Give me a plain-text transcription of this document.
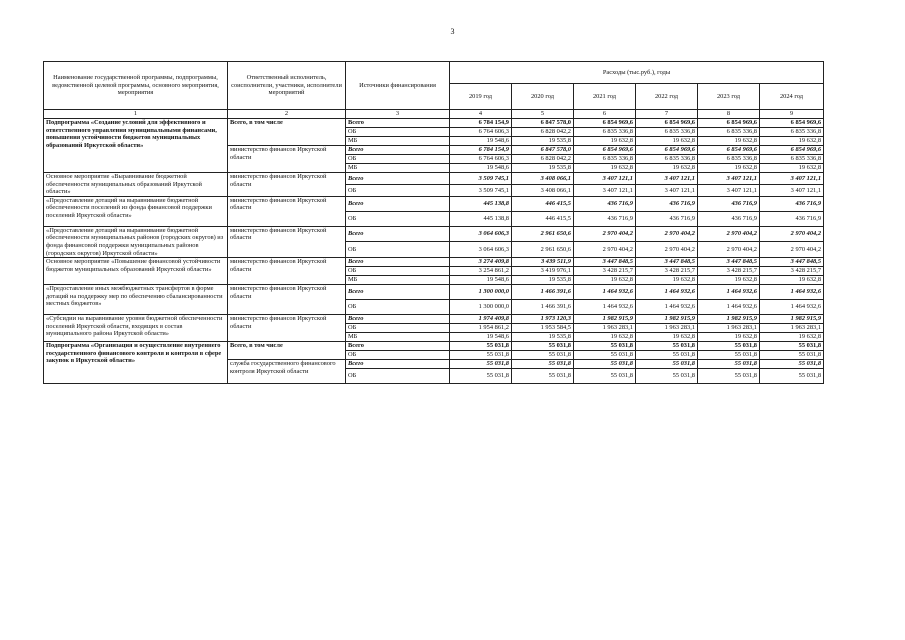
3
Наименование государственной программы, подпрограммы, ведомственной целевой программы, основного мероприятия, мероприятия	Ответственный исполнитель, соисполнители, участники, исполнители мероприятий	Источники финансирования	Расходы (тыс.руб.), годы					
			2019 год	2020 год	2021 год	2022 год	2023 год	2024 год
1	2	3	4	5	6	7	8	9
Подпрограмма «Создание условий для эффективного и ответственного управления муниципальными финансами, повышения устойчивости бюджетов муниципальных образований Иркутской области»	Всего, в том числе	Всего	6 784 154,9	6 847 578,0	6 854 969,6	6 854 969,6	6 854 969,6	6 854 969,6
		ОБ	6 764 606,3	6 828 042,2	6 835 336,8	6 835 336,8	6 835 336,8	6 835 336,8
		МБ	19 548,6	19 535,8	19 632,8	19 632,8	19 632,8	19 632,8
	министерство финансов Иркутской области	Всего	6 784 154,9	6 847 578,0	6 854 969,6	6 854 969,6	6 854 969,6	6 854 969,6
		ОБ	6 764 606,3	6 828 042,2	6 835 336,8	6 835 336,8	6 835 336,8	6 835 336,8
		МБ	19 548,6	19 535,8	19 632,8	19 632,8	19 632,8	19 632,8
Основное мероприятие «Выравнивание бюджетной обеспеченности муниципальных образований Иркутской области»	министерство финансов Иркутской области	Всего	3 509 745,1	3 408 066,1	3 407 121,1	3 407 121,1	3 407 121,1	3 407 121,1
		ОБ	3 509 745,1	3 408 066,1	3 407 121,1	3 407 121,1	3 407 121,1	3 407 121,1
«Предоставление дотаций на выравнивание бюджетной обеспеченности поселений из фонда финансовой поддержки поселений Иркутской области»	министерство финансов Иркутской области	Всего	445 138,8	446 415,5	436 716,9	436 716,9	436 716,9	436 716,9
		ОБ	445 138,8	446 415,5	436 716,9	436 716,9	436 716,9	436 716,9
«Предоставление дотаций на выравнивание бюджетной обеспеченности муниципальных районов (городских округов) из фонда финансовой поддержки муниципальных районов (городских округов) Иркутской области»	министерство финансов Иркутской области	Всего	3 064 606,3	2 961 650,6	2 970 404,2	2 970 404,2	2 970 404,2	2 970 404,2
		ОБ	3 064 606,3	2 961 650,6	2 970 404,2	2 970 404,2	2 970 404,2	2 970 404,2
Основное мероприятие «Повышение финансовой устойчивости бюджетов муниципальных образований Иркутской области»	министерство финансов Иркутской области	Всего	3 274 409,8	3 439 511,9	3 447 848,5	3 447 848,5	3 447 848,5	3 447 848,5
		ОБ	3 254 861,2	3 419 976,1	3 428 215,7	3 428 215,7	3 428 215,7	3 428 215,7
		МБ	19 548,6	19 535,8	19 632,8	19 632,8	19 632,8	19 632,8
«Предоставление иных межбюджетных трансфертов в форме дотаций на поддержку мер по обеспечению сбалансированности местных бюджетов»	министерство финансов Иркутской области	Всего	1 300 000,0	1 466 391,6	1 464 932,6	1 464 932,6	1 464 932,6	1 464 932,6
		ОБ	1 300 000,0	1 466 391,6	1 464 932,6	1 464 932,6	1 464 932,6	1 464 932,6
«Субсидии на выравнивание уровня бюджетной обеспеченности поселений Иркутской области, входящих в состав муниципального района Иркутской области»	министерство финансов Иркутской области	Всего	1 974 409,8	1 973 120,3	1 982 915,9	1 982 915,9	1 982 915,9	1 982 915,9
		ОБ	1 954 861,2	1 953 584,5	1 963 283,1	1 963 283,1	1 963 283,1	1 963 283,1
		МБ	19 548,6	19 535,8	19 632,8	19 632,8	19 632,8	19 632,8
Подпрограмма «Организация и осуществление внутреннего государственного финансового контроля и контроля в сфере закупок в Иркутской области»	Всего, в том числе	Всего	55 031,8	55 031,8	55 031,8	55 031,8	55 031,8	55 031,8
		ОБ	55 031,8	55 031,8	55 031,8	55 031,8	55 031,8	55 031,8
	служба государственного финансового контроля Иркутской области	Всего	55 031,8	55 031,8	55 031,8	55 031,8	55 031,8	55 031,8
		ОБ	55 031,8	55 031,8	55 031,8	55 031,8	55 031,8	55 031,8
